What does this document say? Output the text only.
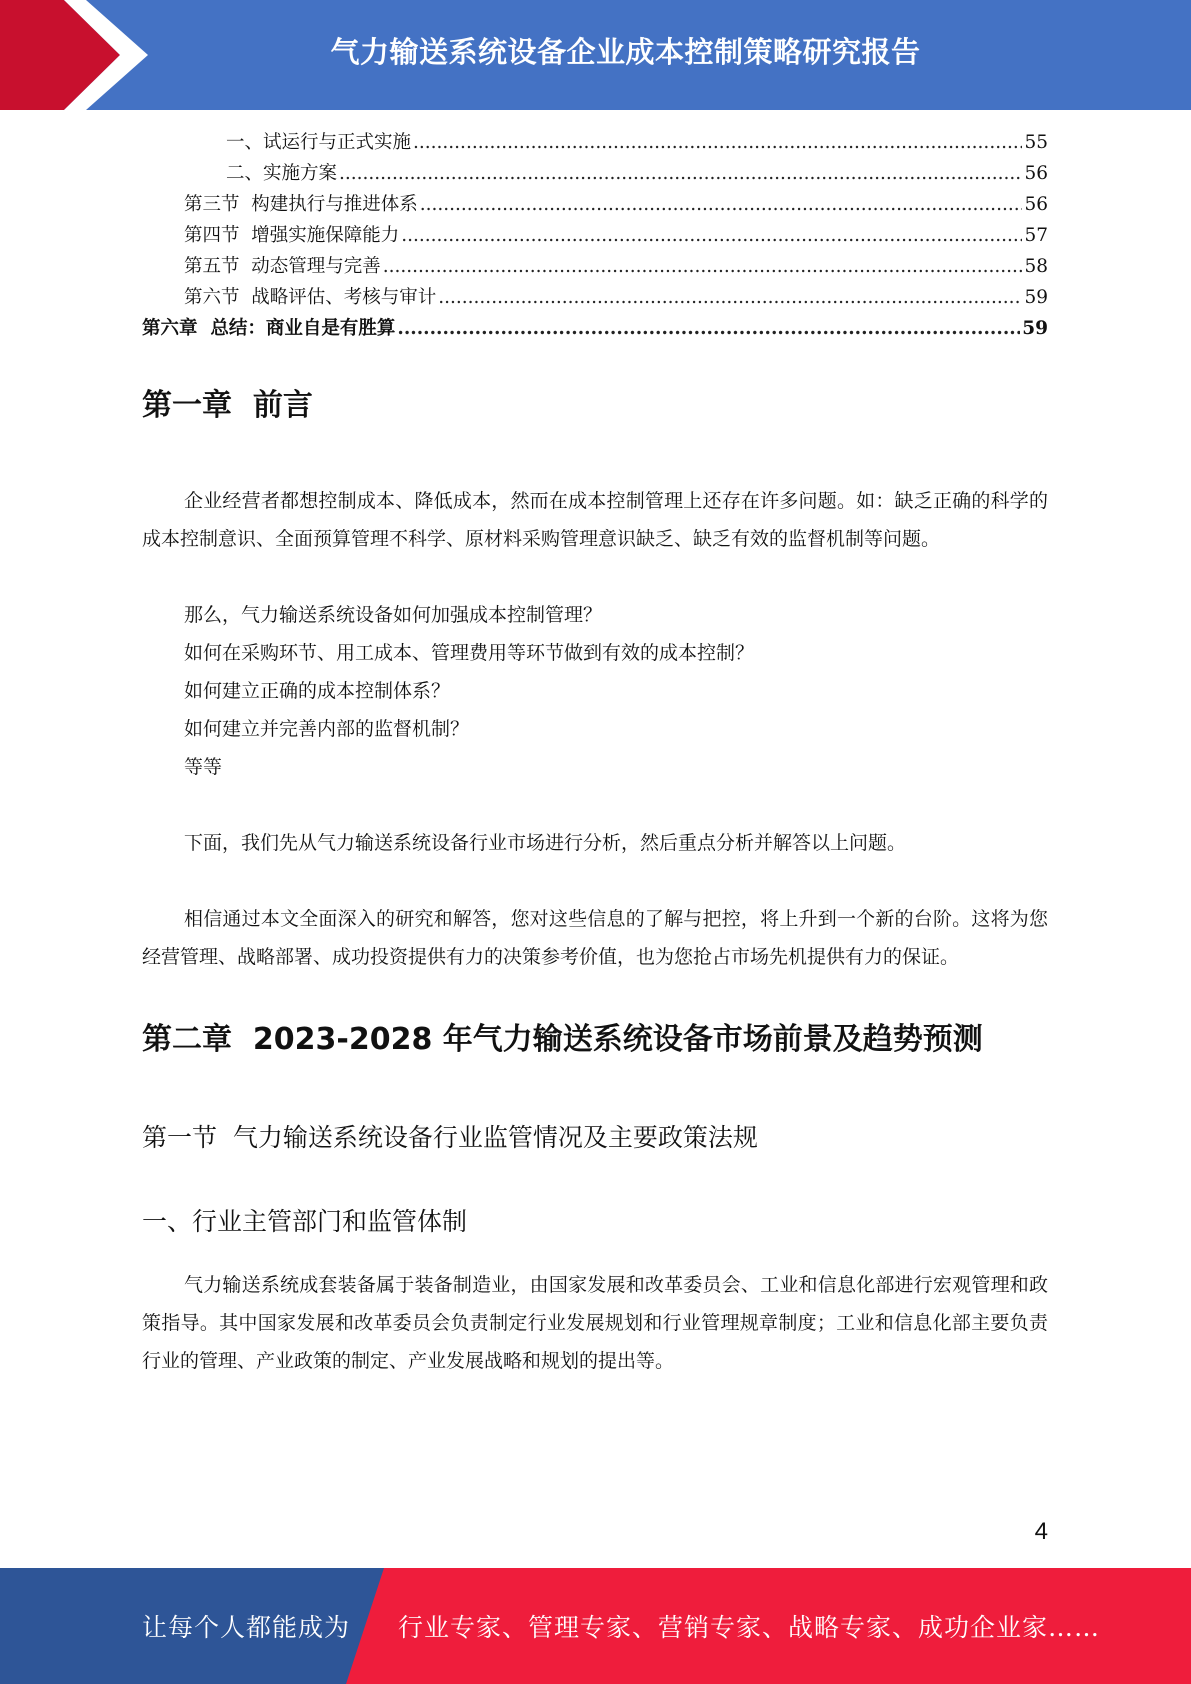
气力输送系统设备企业成本控制策略研究报告
一、试运行与正式实施 .....	55
二、实施方案 .....	56
第三节  构建执行与推进体系 .....	56
第四节  增强实施保障能力 .....	57
第五节  动态管理与完善 .....	58
第六节  战略评估、考核与审计 .....	59
第六章  总结：商业自是有胜算 .....	59
第一章  前言

企业经营者都想控制成本、降低成本，然而在成本控制管理上还存在许多问题。如：缺乏正确的科学的成本控制意识、全面预算管理不科学、原材料采购管理意识缺乏、缺乏有效的监督机制等问题。

那么，气力输送系统设备如何加强成本控制管理？

如何在采购环节、用工成本、管理费用等环节做到有效的成本控制？

如何建立正确的成本控制体系？

如何建立并完善内部的监督机制？

等等

下面，我们先从气力输送系统设备行业市场进行分析，然后重点分析并解答以上问题。

相信通过本文全面深入的研究和解答，您对这些信息的了解与把控，将上升到一个新的台阶。这将为您经营管理、战略部署、成功投资提供有力的决策参考价值，也为您抢占市场先机提供有力的保证。

第二章  2023-2028 年气力输送系统设备市场前景及趋势预测
第一节  气力输送系统设备行业监管情况及主要政策法规
一、行业主管部门和监管体制

气力输送系统成套装备属于装备制造业，由国家发展和改革委员会、工业和信息化部进行宏观管理和政策指导。其中国家发展和改革委员会负责制定行业发展规划和行业管理规章制度；工业和信息化部主要负责行业的管理、产业政策的制定、产业发展战略和规划的提出等。

4
让每个人都能成为 行业专家、管理专家、营销专家、战略专家、成功企业家……
